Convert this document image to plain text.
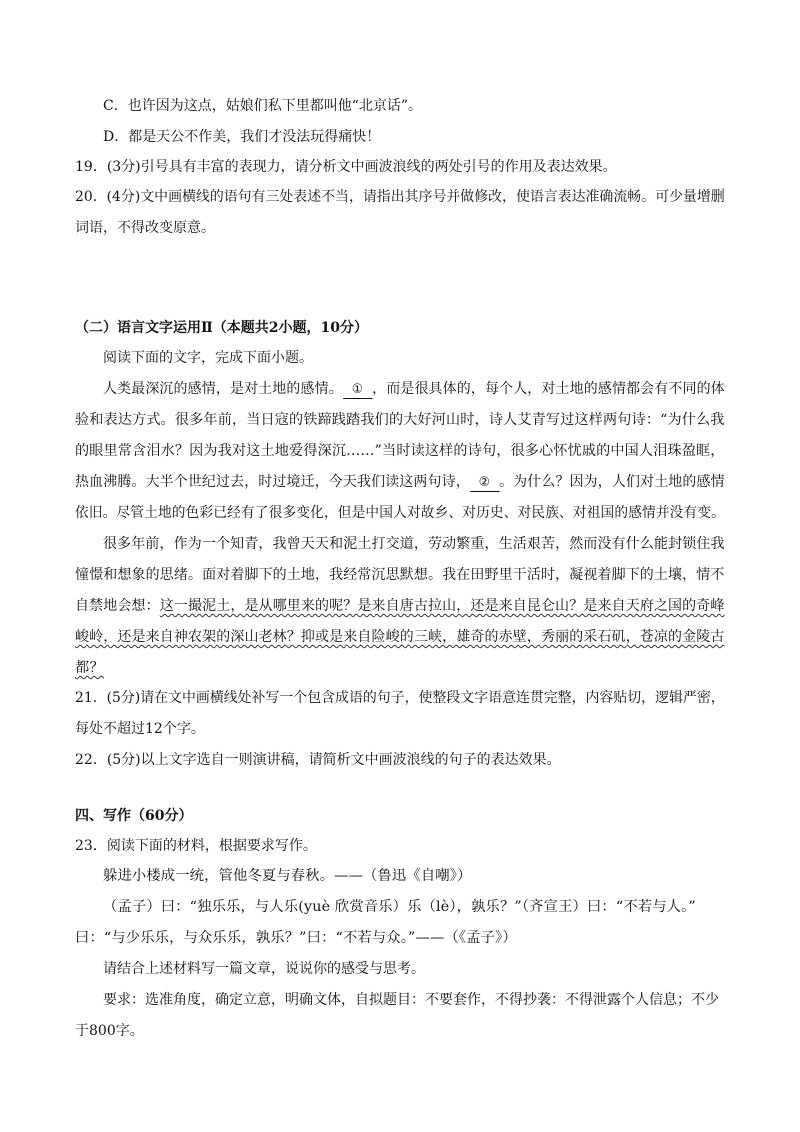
C．也许因为这点，姑娘们私下里都叫他“北京话”。
D．都是天公不作美，我们才没法玩得痛快！
19．(3分)引号具有丰富的表现力，请分析文中画波浪线的两处引号的作用及表达效果。
20．(4分)文中画横线的语句有三处表述不当，请指出其序号并做修改，使语言表达准确流畅。可少量增删
词语，不得改变原意。
（二）语言文字运用Ⅱ（本题共2小题，10分）
阅读下面的文字，完成下面小题。
人类最深沉的感情，是对土地的感情。 ① ，而是很具体的，每个人，对土地的感情都会有不同的体
验和表达方式。很多年前，当日寇的铁蹄践踏我们的大好河山时，诗人艾青写过这样两句诗：“为什么我
的眼里常含泪水？因为我对这土地爱得深沉……”当时读这样的诗句，很多心怀忧戚的中国人泪珠盈眶，
热血沸腾。大半个世纪过去，时过境迁，今天我们读这两句诗， ② 。为什么？因为，人们对土地的感情
依旧。尽管土地的色彩已经有了很多变化，但是中国人对故乡、对历史、对民族、对祖国的感情并没有变。
很多年前，作为一个知青，我曾天天和泥土打交道，劳动繁重，生活艰苦，然而没有什么能封锁住我
憧憬和想象的思绪。面对着脚下的土地，我经常沉思默想。我在田野里干活时，凝视着脚下的土壤，情不
自禁地会想：这一撮泥土，是从哪里来的呢？是来自唐古拉山，还是来自昆仑山？是来自天府之国的奇峰
峻岭，还是来自神农架的深山老林？抑或是来自险峻的三峡，雄奇的赤壁，秀丽的采石矶，苍凉的金陵古
都？
21．(5分)请在文中画横线处补写一个包含成语的句子，使整段文字语意连贯完整，内容贴切，逻辑严密，
每处不超过12个字。
22．(5分)以上文字选自一则演讲稿，请简析文中画波浪线的句子的表达效果。
四、写作（60分）
23．阅读下面的材料，根据要求写作。
躲进小楼成一统，管他冬夏与春秋。——（鲁迅《自嘲》）
（孟子）曰：“独乐乐，与人乐(yuè 欣赏音乐）乐（lè），孰乐？”（齐宣王）曰：“不若与人。”
曰：“与少乐乐，与众乐乐，孰乐？”曰：“不若与众。”——（《孟子》）
请结合上述材料写一篇文章，说说你的感受与思考。
要求：选准角度，确定立意，明确文体，自拟题目：不要套作，不得抄袭：不得泄露个人信息；不少
于800字。
